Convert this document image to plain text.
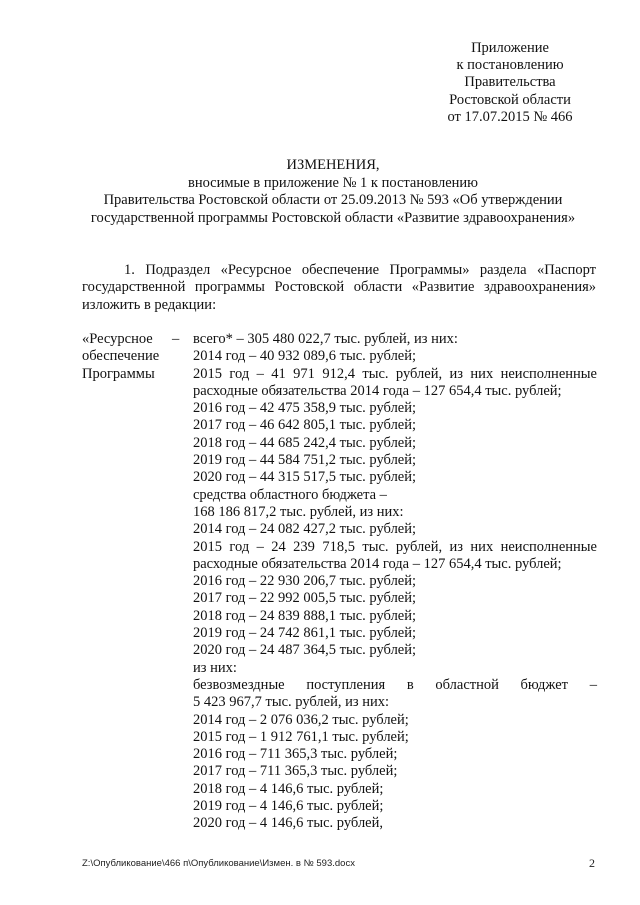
Приложение
к постановлению
Правительства
Ростовской области
от 17.07.2015 № 466
ИЗМЕНЕНИЯ,
вносимые в приложение № 1 к постановлению
Правительства Ростовской области от 25.09.2013 № 593 «Об утверждении
государственной программы Ростовской области «Развитие здравоохранения»

1. Подраздел «Ресурсное обеспечение Программы» раздела «Паспорт государственной программы Ростовской области «Развитие здравоохранения» изложить в редакции:

«Ресурсное
обеспечение
Программы
– всего* – 305 480 022,7 тыс. рублей, из них:
2014 год – 40 932 089,6 тыс. рублей;
2015 год – 41 971 912,4 тыс. рублей, из них неисполненные
расходные обязательства 2014 года – 127 654,4 тыс. рублей;
2016 год – 42 475 358,9 тыс. рублей;
2017 год – 46 642 805,1 тыс. рублей;
2018 год – 44 685 242,4 тыс. рублей;
2019 год – 44 584 751,2 тыс. рублей;
2020 год – 44 315 517,5 тыс. рублей;
средства областного бюджета –
168 186 817,2 тыс. рублей, из них:
2014 год – 24 082 427,2 тыс. рублей;
2015 год – 24 239 718,5 тыс. рублей, из них неисполненные
расходные обязательства 2014 года – 127 654,4 тыс. рублей;
2016 год – 22 930 206,7 тыс. рублей;
2017 год – 22 992 005,5 тыс. рублей;
2018 год – 24 839 888,1 тыс. рублей;
2019 год – 24 742 861,1 тыс. рублей;
2020 год – 24 487 364,5 тыс. рублей;
из них:
безвозмездные поступления в областной бюджет –
5 423 967,7 тыс. рублей, из них:
2014 год – 2 076 036,2 тыс. рублей;
2015 год – 1 912 761,1 тыс. рублей;
2016 год – 711 365,3 тыс. рублей;
2017 год – 711 365,3 тыс. рублей;
2018 год – 4 146,6 тыс. рублей;
2019 год – 4 146,6 тыс. рублей;
2020 год – 4 146,6 тыс. рублей,
Z:\Опубликование\466 п\Опубликование\Измен. в № 593.docx	2
